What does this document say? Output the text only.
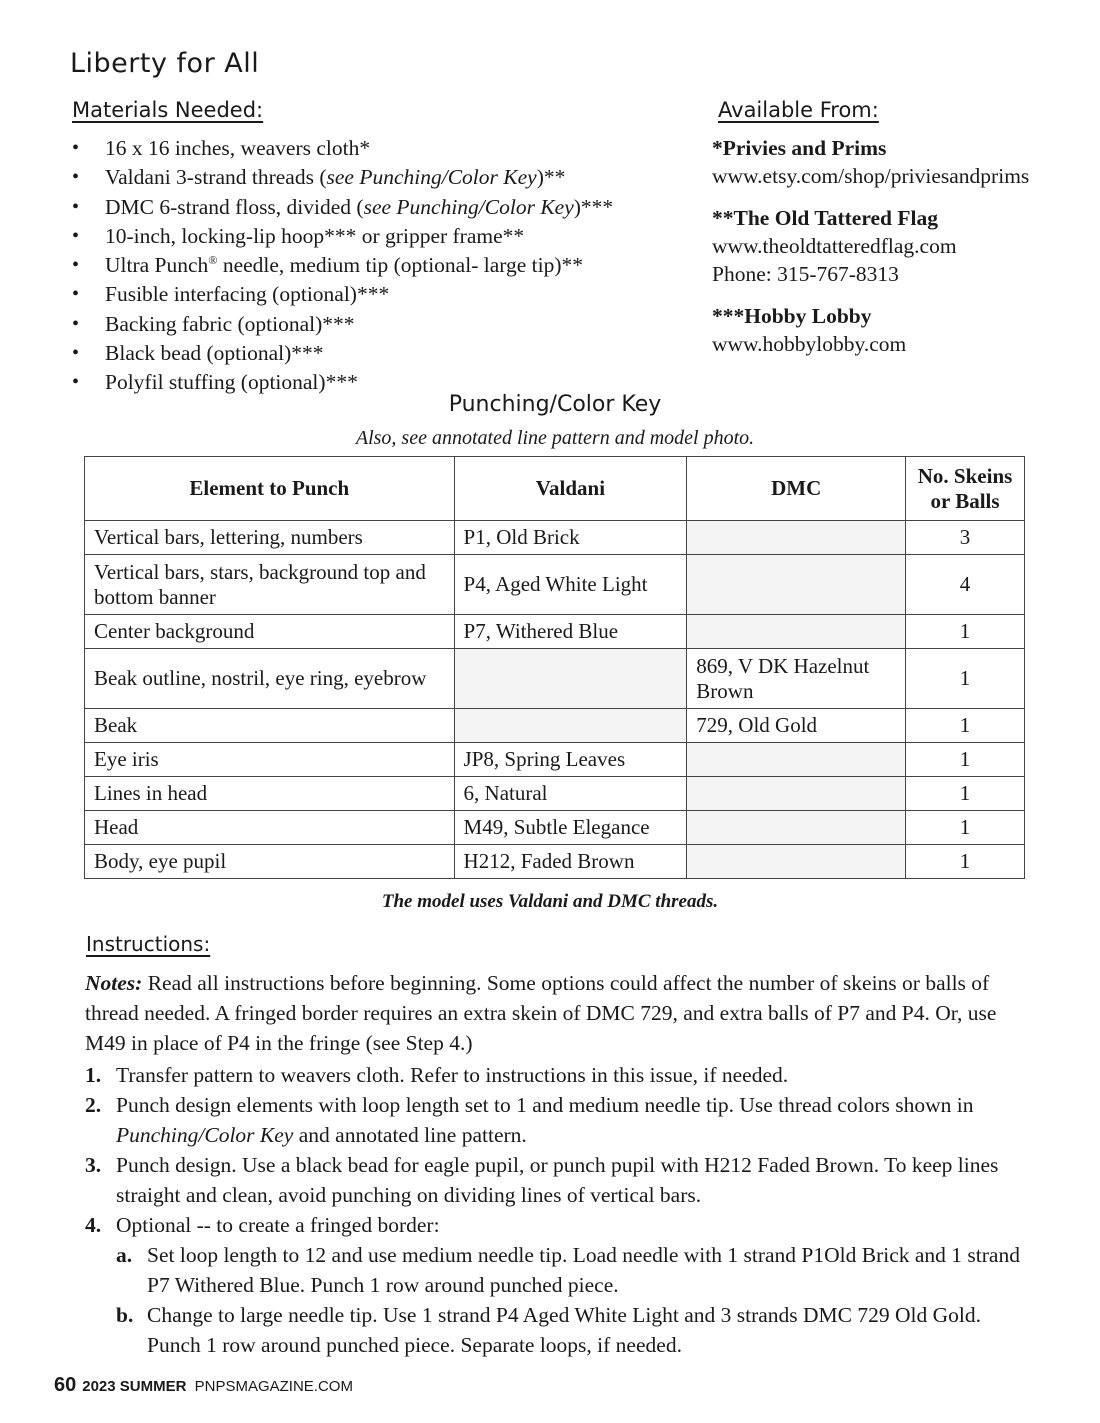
Liberty for All
Materials Needed:
• 16 x 16 inches, weavers cloth*
• Valdani 3-strand threads (see Punching/Color Key)**
• DMC 6-strand floss, divided (see Punching/Color Key)***
• 10-inch, locking-lip hoop*** or gripper frame**
• Ultra Punch® needle, medium tip (optional- large tip)**
• Fusible interfacing (optional)***
• Backing fabric (optional)***
• Black bead (optional)***
• Polyfil stuffing (optional)***
Available From:
*Privies and Prims
www.etsy.com/shop/priviesandprims
**The Old Tattered Flag
www.theoldtatteredflag.com
Phone: 315-767-8313
***Hobby Lobby
www.hobbylobby.com
Punching/Color Key
Also, see annotated line pattern and model photo.
Element to Punch	Valdani	DMC	No. Skeins or Balls
Vertical bars, lettering, numbers	P1, Old Brick		3
Vertical bars, stars, background top and bottom banner	P4, Aged White Light		4
Center background	P7, Withered Blue		1
Beak outline, nostril, eye ring, eyebrow		869, V DK Hazelnut Brown	1
Beak		729, Old Gold	1
Eye iris	JP8, Spring Leaves		1
Lines in head	6, Natural		1
Head	M49, Subtle Elegance		1
Body, eye pupil	H212, Faded Brown		1
The model uses Valdani and DMC threads.
Instructions:
Notes: Read all instructions before beginning. Some options could affect the number of skeins or balls of thread needed. A fringed border requires an extra skein of DMC 729, and extra balls of P7 and P4. Or, use M49 in place of P4 in the fringe (see Step 4.)
1. Transfer pattern to weavers cloth. Refer to instructions in this issue, if needed.
2. Punch design elements with loop length set to 1 and medium needle tip. Use thread colors shown in Punching/Color Key and annotated line pattern.
3. Punch design. Use a black bead for eagle pupil, or punch pupil with H212 Faded Brown. To keep lines straight and clean, avoid punching on dividing lines of vertical bars.
4. Optional -- to create a fringed border:
a. Set loop length to 12 and use medium needle tip. Load needle with 1 strand P1Old Brick and 1 strand P7 Withered Blue. Punch 1 row around punched piece.
b. Change to large needle tip. Use 1 strand P4 Aged White Light and 3 strands DMC 729 Old Gold. Punch 1 row around punched piece. Separate loops, if needed.
60 2023 SUMMER PNPSMAGAZINE.COM
